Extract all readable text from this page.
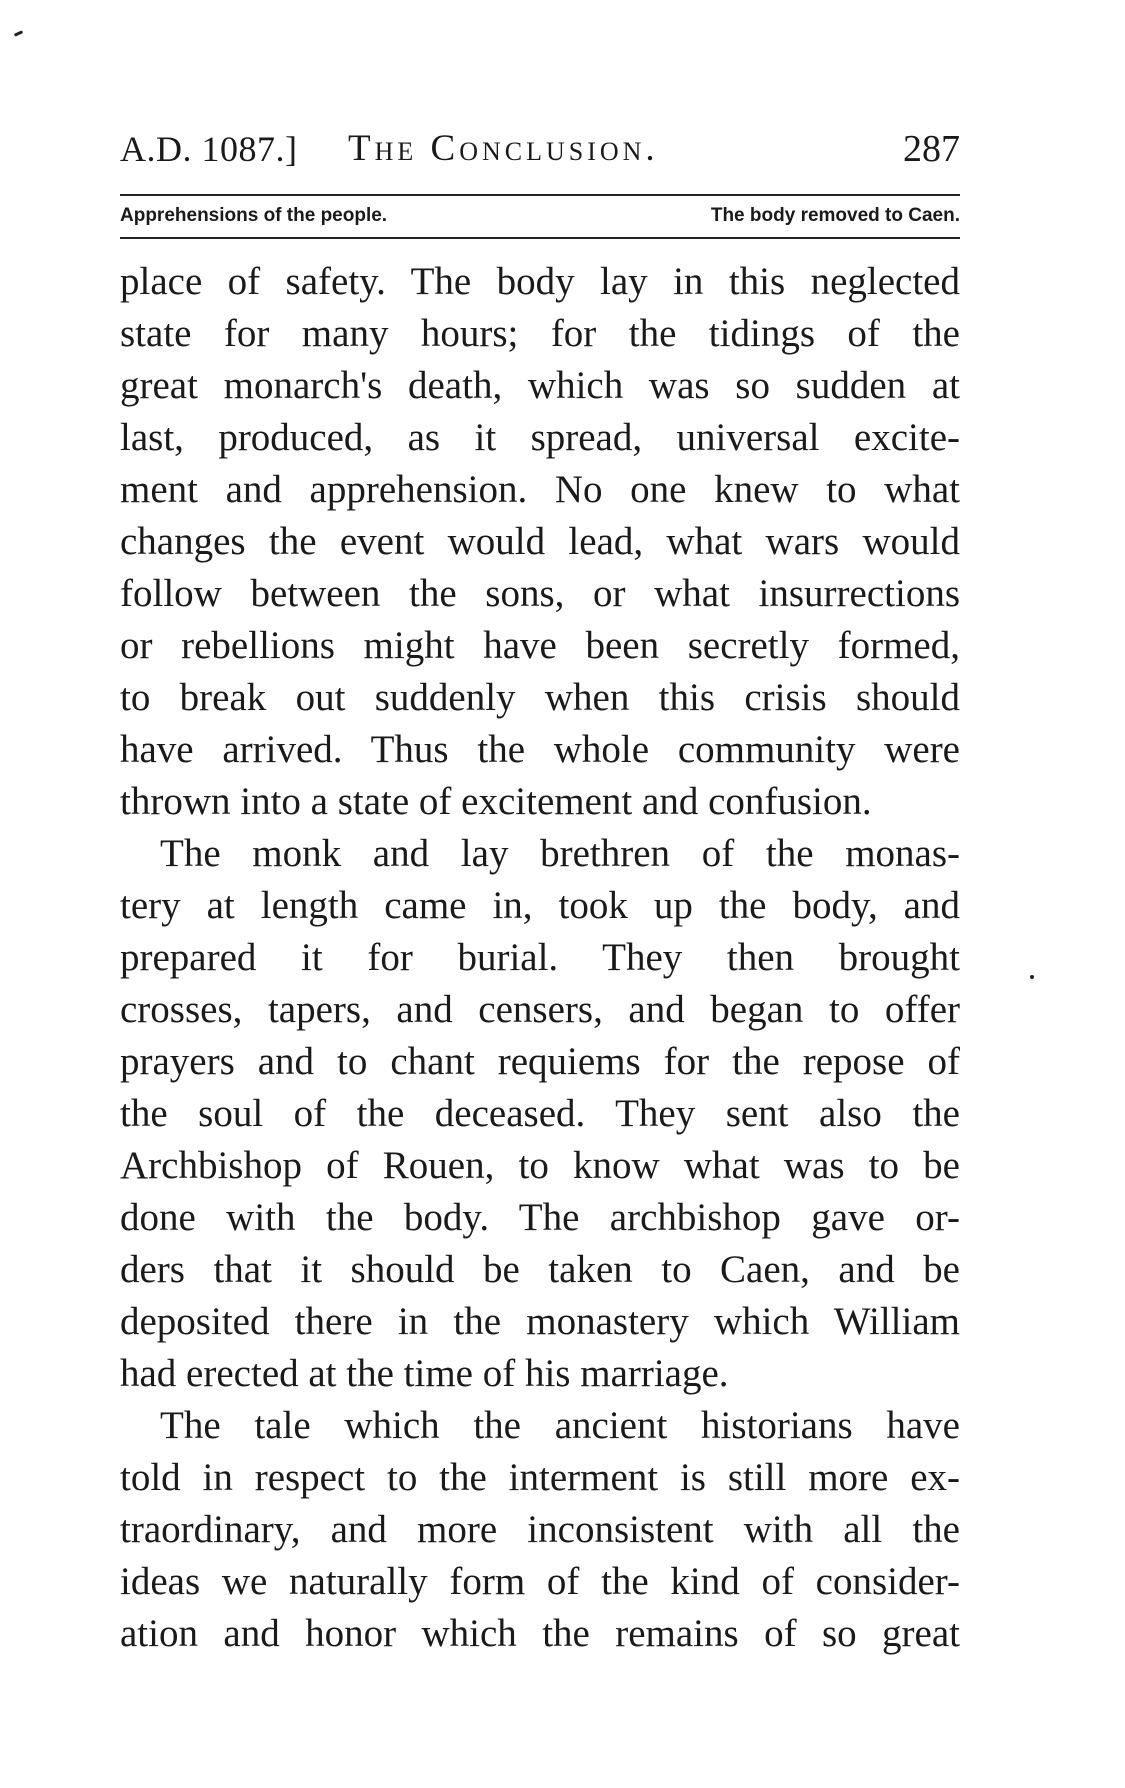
A.D. 1087.] The Conclusion.	287
Apprehensions of the people.	The body removed to Caen.

place of safety. The body lay in this neglected
state for many hours; for the tidings of the
great monarch's death, which was so sudden at
last, produced, as it spread, universal excite-
ment and apprehension. No one knew to what
changes the event would lead, what wars would
follow between the sons, or what insurrections
or rebellions might have been secretly formed,
to break out suddenly when this crisis should
have arrived. Thus the whole community were
thrown into a state of excitement and confusion.

The monk and lay brethren of the monas-
tery at length came in, took up the body, and
prepared it for burial. They then brought
crosses, tapers, and censers, and began to offer
prayers and to chant requiems for the repose of
the soul of the deceased. They sent also the
Archbishop of Rouen, to know what was to be
done with the body. The archbishop gave or-
ders that it should be taken to Caen, and be
deposited there in the monastery which William
had erected at the time of his marriage.

The tale which the ancient historians have
told in respect to the interment is still more ex-
traordinary, and more inconsistent with all the
ideas we naturally form of the kind of consider-
ation and honor which the remains of so great
